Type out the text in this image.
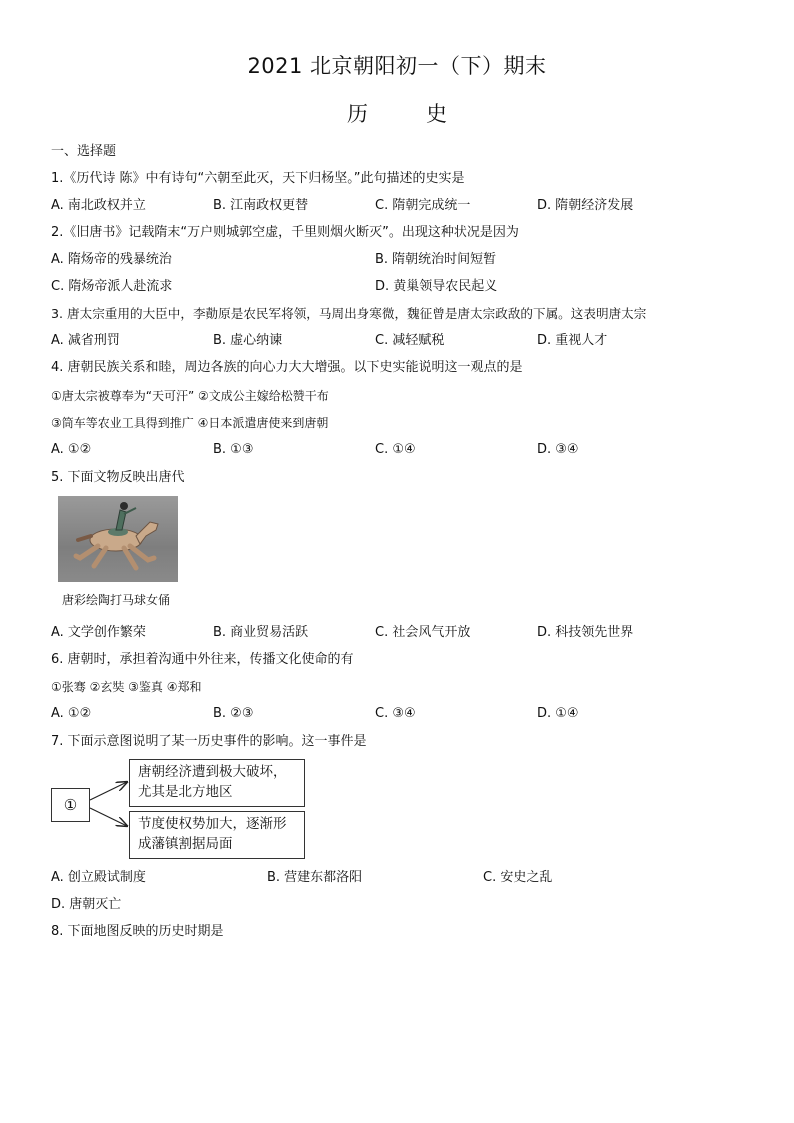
2021 北京朝阳初一（下）期末
历	史
一、选择题
1.《历代诗 陈》中有诗句“六朝至此灭，天下归杨坚。”此句描述的史实是
A. 南北政权并立	B. 江南政权更替	C. 隋朝完成统一	D. 隋朝经济发展
2.《旧唐书》记载隋末“万户则城郭空虚，千里则烟火断灭”。出现这种状况是因为
A. 隋炀帝的残暴统治	B. 隋朝统治时间短暂
C. 隋炀帝派人赴流求	D. 黄巢领导农民起义
3. 唐太宗重用的大臣中，李勣原是农民军将领，马周出身寒微，魏征曾是唐太宗政敌的下属。这表明唐太宗
A. 减省刑罚	B. 虚心纳谏	C. 减轻赋税	D. 重视人才
4. 唐朝民族关系和睦，周边各族的向心力大大增强。以下史实能说明这一观点的是
①唐太宗被尊奉为“天可汗” ②文成公主嫁给松赞干布
③筒车等农业工具得到推广 ④日本派遣唐使来到唐朝
A. ①②	B. ①③	C. ①④	D. ③④
5. 下面文物反映出唐代
唐彩绘陶打马球女俑
A. 文学创作繁荣	B. 商业贸易活跃	C. 社会风气开放	D. 科技领先世界
6. 唐朝时，承担着沟通中外往来，传播文化使命的有
①张骞 ②玄奘 ③鉴真 ④郑和
A. ①②	B. ②③	C. ③④	D. ①④
7. 下面示意图说明了某一历史事件的影响。这一事件是
①
唐朝经济遭到极大破坏，尤其是北方地区
节度使权势加大，逐渐形成藩镇割据局面
A. 创立殿试制度	B. 营建东都洛阳	C. 安史之乱
D. 唐朝灭亡
8. 下面地图反映的历史时期是
